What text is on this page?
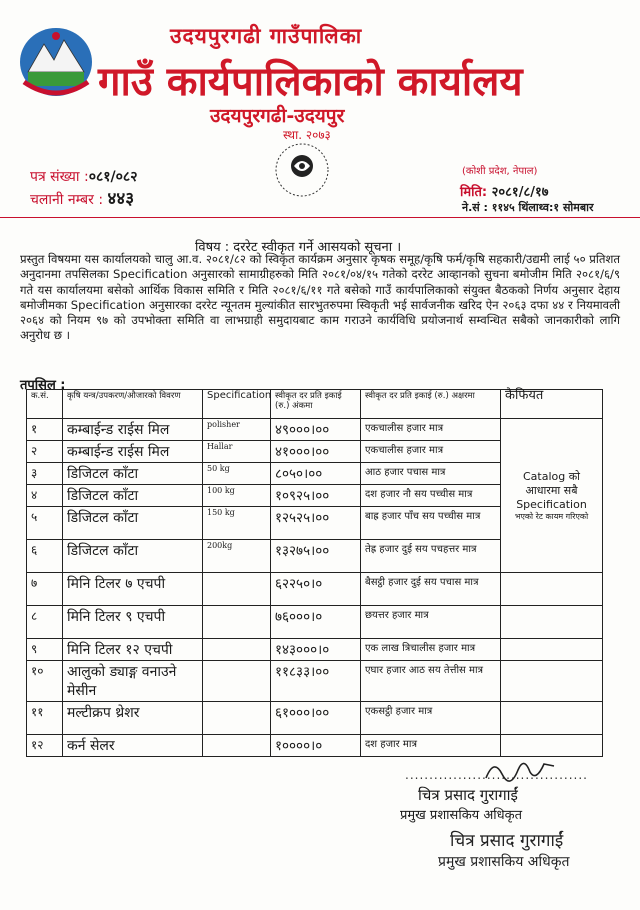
उदयपुरगढी गाउँपालिका
गाउँ कार्यपालिकाको कार्यालय
उदयपुरगढी-उदयपुर
स्था. २०७३
पत्र संख्या :०८१/०८२
चलानी नम्बर : ४४३
(कोशी प्रदेश, नेपाल)
मिति: २०८१/८/१७
ने.सं : ११४५ थिंलाथ्व:१ सोमबार
विषय : दररेट स्वीकृत गर्ने आसयको सूचना ।
प्रस्तुत विषयमा यस कार्यालयको चालु आ.व. २०८१/८२ को स्विकृत कार्यक्रम अनुसार कृषक समूह/कृषि फर्म/कृषि सहकारी/उद्यमी लाई ५० प्रतिशत अनुदानमा तपसिलका Specification अनुसारको सामाग्रीहरुको मिति २०८१/०४/१५ गतेको दररेट आव्हानको सुचना बमोजीम मिति २०८१/६/९ गते यस कार्यालयमा बसेको आर्थिक विकास समिति र मिति २०८१/६/११ गते बसेको गाउँ कार्यपालिकाको संयुक्त बैठकको निर्णय अनुसार देहाय बमोजीमका Specification अनुसारका दररेट न्यूनतम मुल्यांकीत सारभुतरुपमा स्विकृती भई सार्वजनीक खरिद ऐन २०६३ दफा ४४ र नियमावली २०६४ को नियम ९७ को उपभोक्ता समिति वा लाभग्राही समुदायबाट काम गराउने कार्यविधि प्रयोजनार्थ सम्वन्धित सबैको जानकारीको लागि अनुरोध छ ।
तपसिल :
क.सं.	कृषि यन्त्र/उपकरण/औजारको विवरण	Specification	स्वीकृत दर प्रति इकाई (रु.) अंकमा	स्वीकृत दर प्रति इकाई (रु.) अक्षरमा	कैफियत
१	कम्बाईन्ड राईस मिल	polisher	४९०००।००	एकचालीस हजार मात्र	Catalog को आधारमा सबै Specification
भएको रेट कायम गरिएको

२	कम्बाईन्ड राईस मिल	Hallar	४१०००।००	एकचालीस हजार मात्र	
३	डिजिटल काँटा	50 kg	८०५०।००	आठ हजार पचास मात्र	
४	डिजिटल काँटा	100 kg	१०९२५।००	दश हजार नौ सय पच्चीस मात्र	
५	डिजिटल काँटा	150 kg	१२५२५।००	बाह्र हजार पाँच सय पच्चीस मात्र	
६	डिजिटल काँटा	200kg	१३२७५।००	तेह्र हजार दुई सय पचहत्तर मात्र	
७	मिनि टिलर ७ एचपी		६२२५०।०	बैसट्ठी हजार दुई सय पचास मात्र	
८	मिनि टिलर ९ एचपी		७६०००।०	छयत्तर हजार मात्र	
९	मिनि टिलर १२ एचपी		१४३०००।०	एक लाख त्रिचालीस हजार मात्र	
१०	आलुको ड्याङ्ग वनाउने मेसीन		११८३३।००	एघार हजार आठ सय तेत्तीस मात्र	
११	मल्टीक्रप थ्रेशर		६१०००।००	एकसट्ठी हजार मात्र	
१२	कर्न सेलर		१००००।०	दश हजार मात्र	
......................................
चित्र प्रसाद गुरागाईं
प्रमुख प्रशासकिय अधिकृत
चित्र प्रसाद गुरागाईं
प्रमुख प्रशासकिय अधिकृत
